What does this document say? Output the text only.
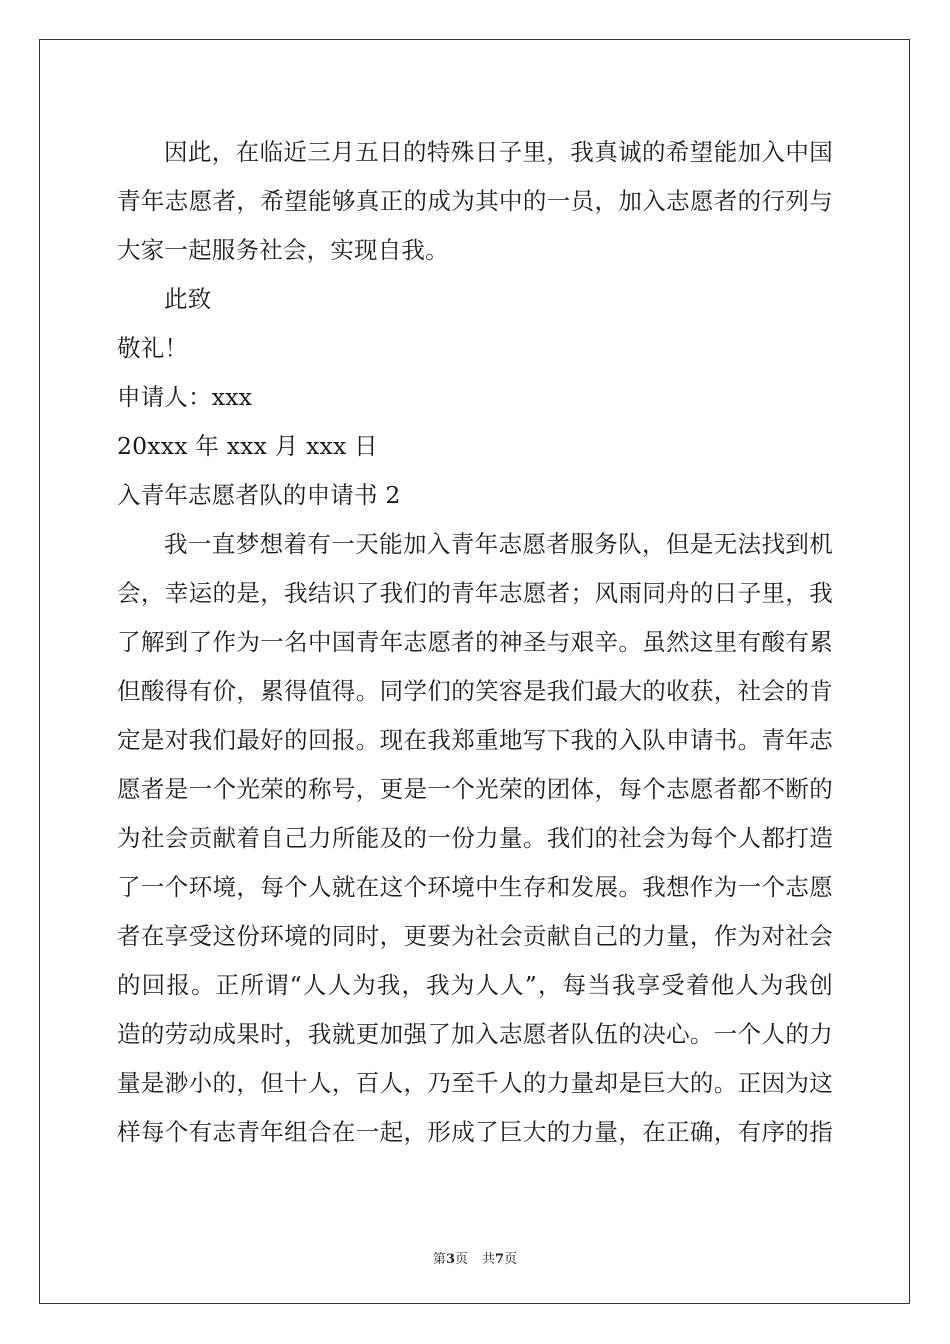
因此，在临近三月五日的特殊日子里，我真诚的希望能加入中国
青年志愿者，希望能够真正的成为其中的一员，加入志愿者的行列与
大家一起服务社会，实现自我。
此致
敬礼！
申请人：xxx
20xxx 年 xxx 月 xxx 日
入青年志愿者队的申请书 2
我一直梦想着有一天能加入青年志愿者服务队，但是无法找到机
会，幸运的是，我结识了我们的青年志愿者；风雨同舟的日子里，我
了解到了作为一名中国青年志愿者的神圣与艰辛。虽然这里有酸有累
但酸得有价，累得值得。同学们的笑容是我们最大的收获，社会的肯
定是对我们最好的回报。现在我郑重地写下我的入队申请书。青年志
愿者是一个光荣的称号，更是一个光荣的团体，每个志愿者都不断的
为社会贡献着自己力所能及的一份力量。我们的社会为每个人都打造
了一个环境，每个人就在这个环境中生存和发展。我想作为一个志愿
者在享受这份环境的同时，更要为社会贡献自己的力量，作为对社会
的回报。正所谓“人人为我，我为人人”，每当我享受着他人为我创
造的劳动成果时，我就更加强了加入志愿者队伍的决心。一个人的力
量是渺小的，但十人，百人，乃至千人的力量却是巨大的。正因为这
样每个有志青年组合在一起，形成了巨大的力量，在正确，有序的指
第3页 共7页
